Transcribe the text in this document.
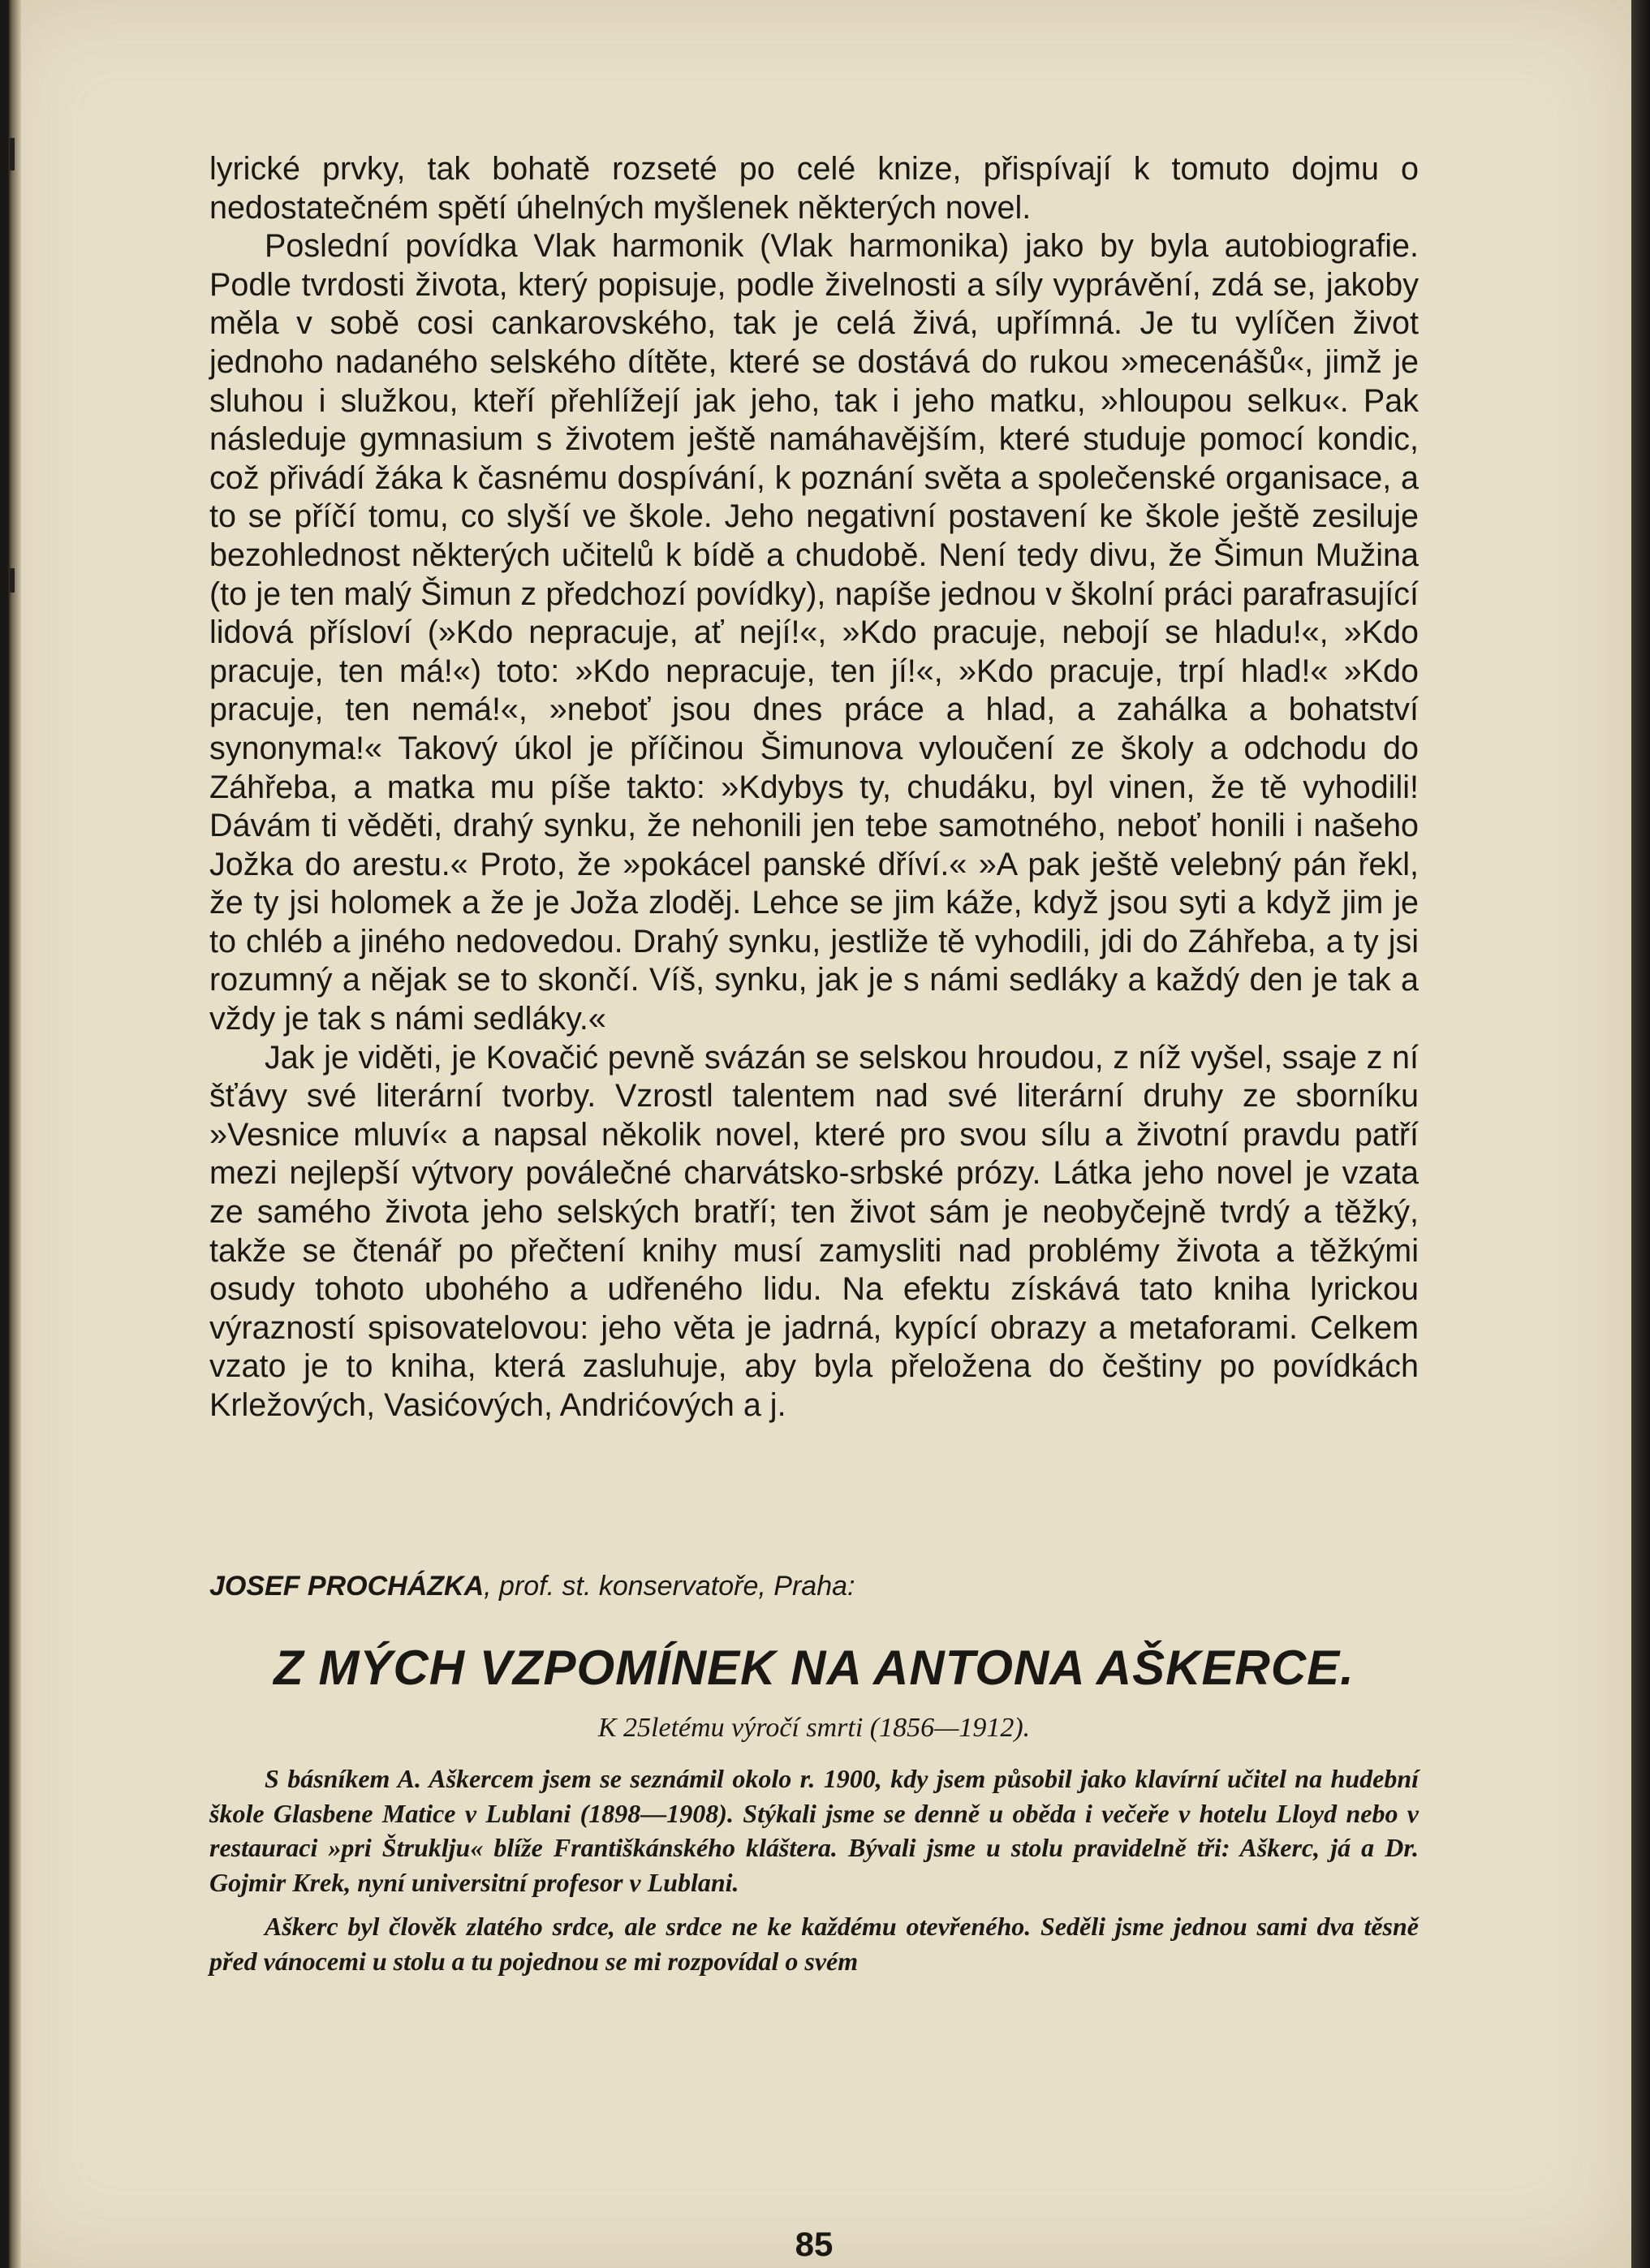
lyrické prvky, tak bohatě rozseté po celé knize, přispívají k tomuto dojmu o nedostatečném spětí úhelných myšlenek některých novel.

Poslední povídka Vlak harmonik (Vlak harmonika) jako by byla autobiografie. Podle tvrdosti života, který popisuje, podle živelnosti a síly vyprávění, zdá se, jakoby měla v sobě cosi cankarovského, tak je celá živá, upřímná. Je tu vylíčen život jednoho nadaného selského dítěte, které se dostává do rukou »mecenášů«, jimž je sluhou i služkou, kteří přehlížejí jak jeho, tak i jeho matku, »hloupou selku«. Pak následuje gymnasium s životem ještě namáhavějším, které studuje pomocí kondic, což přivádí žáka k časnému dospívání, k poznání světa a společenské organisace, a to se příčí tomu, co slyší ve škole. Jeho negativní postavení ke škole ještě zesiluje bezohlednost některých učitelů k bídě a chudobě. Není tedy divu, že Šimun Mužina (to je ten malý Šimun z předchozí povídky), napíše jednou v školní práci parafrasující lidová přísloví (»Kdo nepracuje, ať nejí!«, »Kdo pracuje, nebojí se hladu!«, »Kdo pracuje, ten má!«) toto: »Kdo nepracuje, ten jí!«, »Kdo pracuje, trpí hlad!« »Kdo pracuje, ten nemá!«, »neboť jsou dnes práce a hlad, a zahálka a bohatství synonyma!« Takový úkol je příčinou Šimunova vyloučení ze školy a odchodu do Záhřeba, a matka mu píše takto: »Kdybys ty, chudáku, byl vinen, že tě vyhodili! Dávám ti věděti, drahý synku, že nehonili jen tebe samotného, neboť honili i našeho Jožka do arestu.« Proto, že »pokácel panské dříví.« »A pak ještě velebný pán řekl, že ty jsi holomek a že je Joža zloděj. Lehce se jim káže, když jsou syti a když jim je to chléb a jiného nedovedou. Drahý synku, jestliže tě vyhodili, jdi do Záhřeba, a ty jsi rozumný a nějak se to skončí. Víš, synku, jak je s námi sedláky a každý den je tak a vždy je tak s námi sedláky.«

Jak je viděti, je Kovačić pevně svázán se selskou hroudou, z níž vyšel, ssaje z ní šťávy své literární tvorby. Vzrostl talentem nad své literární druhy ze sborníku »Vesnice mluví« a napsal několik novel, které pro svou sílu a životní pravdu patří mezi nejlepší výtvory poválečné charvátsko-srbské prózy. Látka jeho novel je vzata ze samého života jeho selských bratří; ten život sám je neobyčejně tvrdý a těžký, takže se čtenář po přečtení knihy musí zamysliti nad problémy života a těžkými osudy tohoto ubohého a udřeného lidu. Na efektu získává tato kniha lyrickou výrazností spisovatelovou: jeho věta je jadrná, kypící obrazy a metaforami. Celkem vzato je to kniha, která zasluhuje, aby byla přeložena do češtiny po povídkách Krležových, Vasićových, Andrićových a j.

JOSEF PROCHÁZKA, prof. st. konservatoře, Praha:

Z MÝCH VZPOMÍNEK NA ANTONA AŠKERCE.

K 25letému výročí smrti (1856—1912).

S básníkem A. Aškercem jsem se seznámil okolo r. 1900, kdy jsem působil jako klavírní učitel na hudební škole Glasbene Matice v Lublani (1898—1908). Stýkali jsme se denně u oběda i večeře v hotelu Lloyd nebo v restauraci »pri Štruklju« blíže Františkánského kláštera. Bývali jsme u stolu pravidelně tři: Aškerc, já a Dr. Gojmir Krek, nyní universitní profesor v Lublani.

Aškerc byl člověk zlatého srdce, ale srdce ne ke každému otevřeného. Seděli jsme jednou sami dva těsně před vánocemi u stolu a tu pojednou se mi rozpovídal o svém

85
